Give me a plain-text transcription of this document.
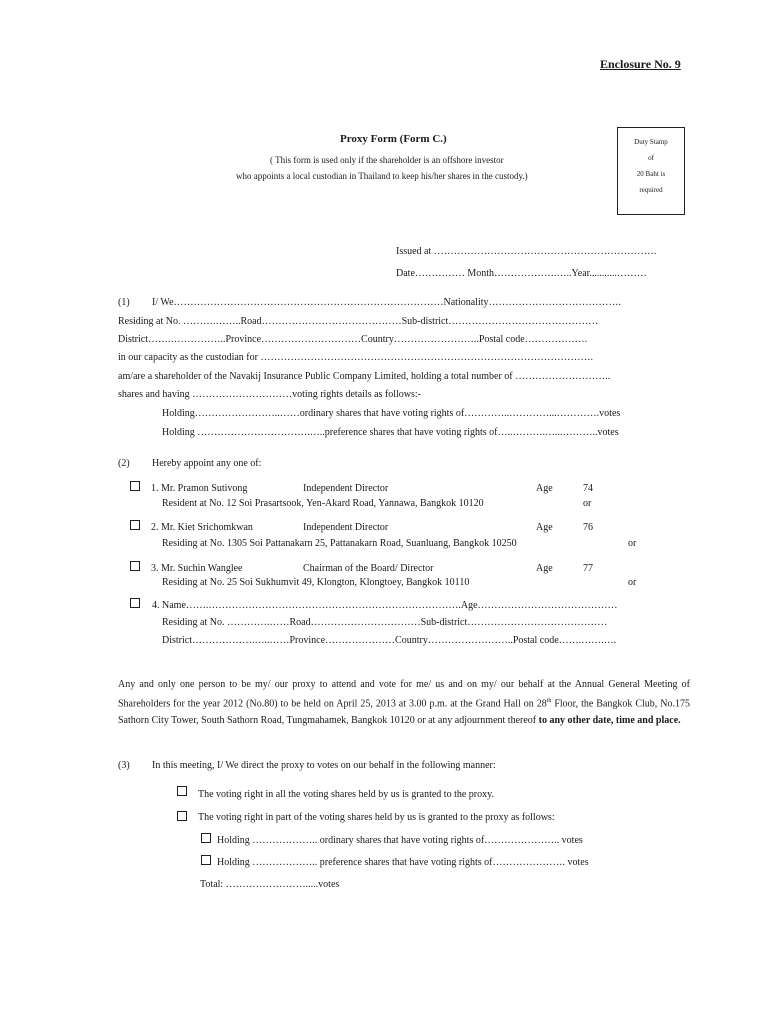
Enclosure No. 9
Proxy Form (Form C.)
( This form is used only if the shareholder is an offshore investor
who appoints a local custodian in Thailand to keep his/her shares in the custody.)
Duty Stamp
of
20 Baht is
required
Issued at ………………………………………………………….
Date…………… Month……………….…..Year...........………
(1) I/ We………………………………………………………………………Nationality………………………………….
Residing at No. ……….……..Road……………………………………Sub-district………………………………………
District…….……………..Province…………………………Country……………………..Postal code……………….
in our capacity as the custodian for ……………………………………………………………………………………….
am/are a shareholder of the Navakij Insurance Public Company Limited, holding a total number of ………………………..
shares and having …………………………voting rights details as follows:-
Holding……………………..……ordinary shares that have voting rights of…………..…………...………….votes
Holding …………………………….…..preference shares that have voting rights of…..……….…...………..votes
(2) Hereby appoint any one of:
1. Mr. Pramon Sutivong	Independent Director	Age	74
Resident at No. 12 Soi Prasartsook, Yen-Akard Road, Yannawa, Bangkok 10120	or
2. Mr. Kiet Srichomkwan	Independent Director	Age	76
Residing at No. 1305 Soi Pattanakarn 25, Pattanakarn Road, Suanluang, Bangkok 10250	or
3. Mr. Suchin Wanglee	Chairman of the Board/ Director	Age	77
Residing at No. 25 Soi Sukhumvit 49, Klongton, Klongtoey, Bangkok 10110	or
4. Name…….………………………………………………………………….Age……………………………………
Residing at No. ………….……Road……………………………Sub-district……………………………………
District……………….…..……Province…………………Country……………………..Postal code…….…….….
Any and only one person to be my/ our proxy to attend and vote for me/ us and on my/ our behalf at the Annual General Meeting of Shareholders for the year 2012 (No.80) to be held on April 25, 2013 at 3.00 p.m. at the Grand Hall on 28th Floor, the Bangkok Club, No.175 Sathorn City Tower, South Sathorn Road, Tungmahamek, Bangkok 10120 or at any adjournment thereof to any other date, time and place.
(3) In this meeting, I/ We direct the proxy to votes on our behalf in the following manner:
The voting right in all the voting shares held by us is granted to the proxy.
The voting right in part of the voting shares held by us is granted to the proxy as follows:
Holding ……………….. ordinary shares that have voting rights of………………….. votes
Holding ……………….. preference shares that have voting rights of…………………. votes
Total: …………………….....votes
